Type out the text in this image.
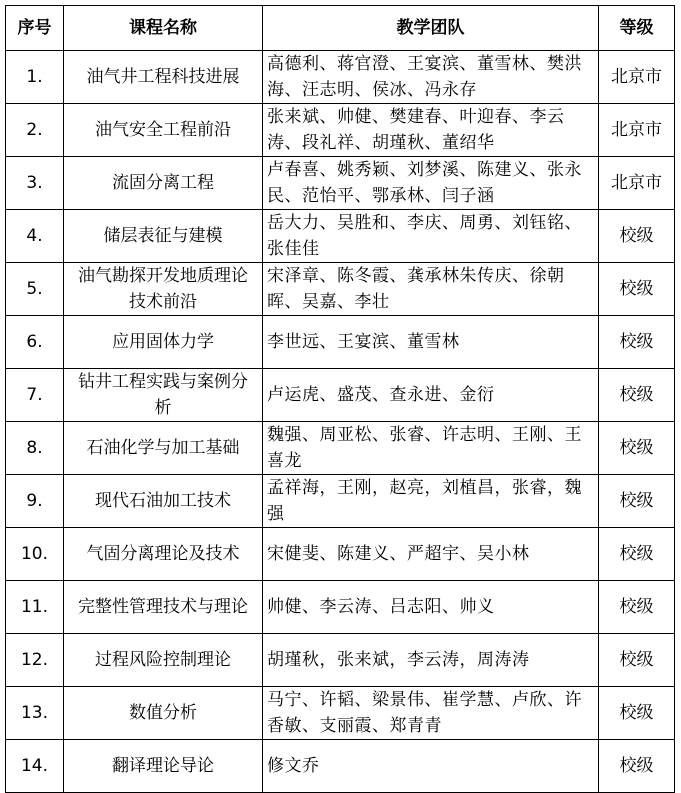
序号	课程名称	教学团队	等级
1.	油气井工程科技进展	高德利、蒋官澄、王宴滨、董雪林、樊洪海、汪志明、侯冰、冯永存	北京市
2.	油气安全工程前沿	张来斌、帅健、樊建春、叶迎春、李云涛、段礼祥、胡瑾秋、董绍华	北京市
3.	流固分离工程	卢春喜、姚秀颖、刘梦溪、陈建义、张永民、范怡平、鄂承林、闫子涵	北京市
4.	储层表征与建模	岳大力、吴胜和、李庆、周勇、刘钰铭、张佳佳	校级
5.	油气勘探开发地质理论技术前沿	宋泽章、陈冬霞、龚承林朱传庆、徐朝晖、吴嘉、李壮	校级
6.	应用固体力学	李世远、王宴滨、董雪林	校级
7.	钻井工程实践与案例分析	卢运虎、盛茂、查永进、金衍	校级
8.	石油化学与加工基础	魏强、周亚松、张睿、许志明、王刚、王喜龙	校级
9.	现代石油加工技术	孟祥海，王刚，赵亮，刘植昌，张睿，魏强	校级
10.	气固分离理论及技术	宋健斐、陈建义、严超宇、吴小林	校级
11.	完整性管理技术与理论	帅健、李云涛、吕志阳、帅义	校级
12.	过程风险控制理论	胡瑾秋，张来斌，李云涛，周涛涛	校级
13.	数值分析	马宁、许韬、梁景伟、崔学慧、卢欣、许香敏、支丽霞、郑青青	校级
14.	翻译理论导论	修文乔	校级
